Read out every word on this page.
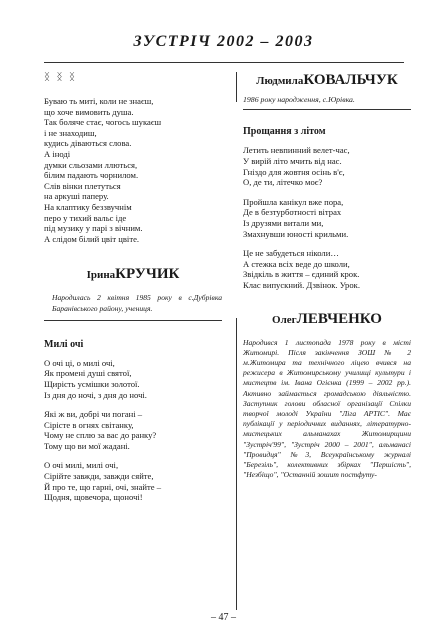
ЗУСТРІЧ 2002 – 2003
ᛝ ᛝ ᛝ
Буваю ть миті, коли не знаєш,
що хоче вимовить душа.
Так боляче стає, чогось шукаєш
і не знаходиш,
кудись діваються слова.
А іноді
думки сльозами ллються,
білим падають чорнилом.
Слів вінки плетуться
на аркуші паперу.
На клаптику беззвучнім
перо у тихий вальс іде
під музику у парі з вічним.
А слідом білий цвіт цвіте.
ІринаКРУЧИК
Народилась 2 квітня 1985 року в с.Дубрівка Баранівського району, учениця.
Милі очі
О очі ці, о милі очі,
Як промені душі святої,
Щирість усмішки золотої.
Із дня до ночі, з дня до ночі.
Які ж ви, добрі чи погані –
Сірісте в огнях світанку,
Чому не сплю за вас до ранку?
Тому що ви мої жадані.
О очі милі, милі очі,
Сірійте завжди, завжди сяйте,
Й про те, що гарні, очі, знайте –
Щодня, щовечора, щоночі!
ЛюдмилаКОВАЛЬЧУК
1986 року народження, с.Юрівка.
Прощання з літом
Летить невпинний велет-час,
У вирій літо мчить від нас.
Гніздо для жовтня осінь в'є,
О, де ти, літечко моє?
Пройшла канікул вже пора,
Де в безтурботності вітрах
Із друзями витали ми,
Змахнувши юності крильми.
Це не забудеться ніколи…
А стежка всіх веде до школи,
Звідкіль в життя – єдиний крок.
Клас випускний. Дзвінок. Урок.
ОлегЛЕВЧЕНКО
Народився 1 листопада 1978 року в місті Житомирі. Після закінчення ЗОШ № 2 м.Житомира та технічного ліцею вчився на режисера в Житомирському училищі культури і мистецтв ім. Івана Огієнка (1999 – 2002 рр.). Активно займається громадською діяльністю. Заступник голови обласної організації Спілки творчої молоді України "Ліга АРТІС". Має публікації у періодичних виданнях, літературно-мистецьких альманахах Житомирщини "Зустріч'99", "Зустріч 2000 – 2001", альманасі "Провидця" №3, Всеукраїнському журналі "Березіль", колективних збірках "Першість", "Незбіщо", "Останній зошит постфуту-
– 47 –
